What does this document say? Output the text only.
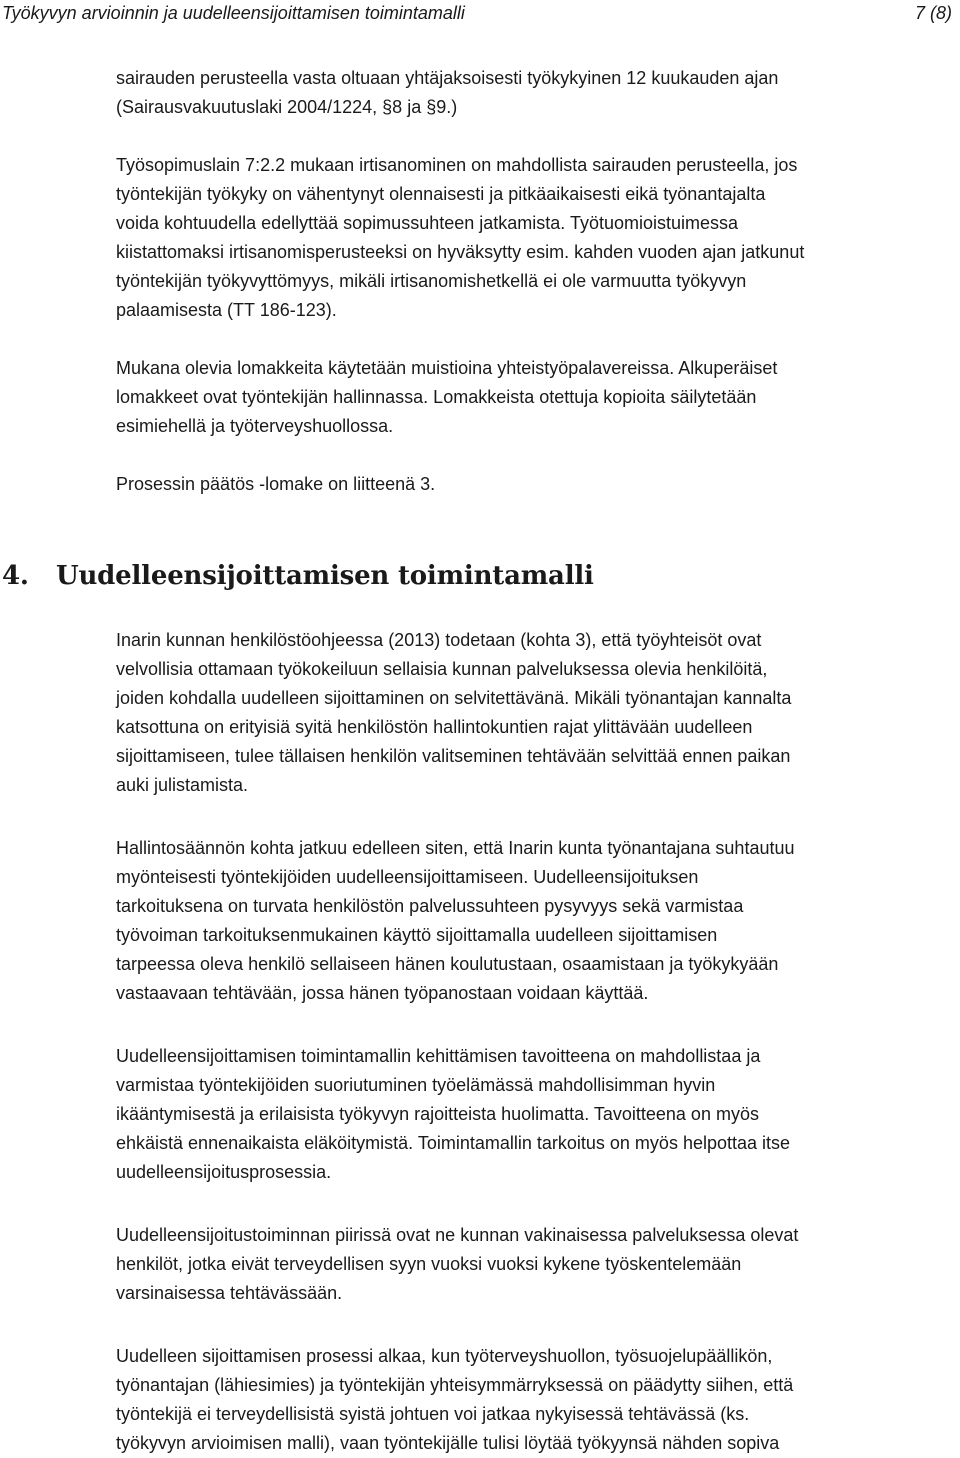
Työkyvyn arvioinnin ja uudelleensijoittamisen toimintamalli	7 (8)

sairauden perusteella vasta oltuaan yhtäjaksoisesti työkykyinen 12 kuukauden ajan
(Sairausvakuutuslaki 2004/1224, §8 ja §9.)

Työsopimuslain 7:2.2 mukaan irtisanominen on mahdollista sairauden perusteella, jos
työntekijän työkyky on vähentynyt olennaisesti ja pitkäaikaisesti eikä työnantajalta
voida kohtuudella edellyttää sopimussuhteen jatkamista. Työtuomioistuimessa
kiistattomaksi irtisanomisperusteeksi on hyväksytty esim. kahden vuoden ajan jatkunut
työntekijän työkyvyttömyys, mikäli irtisanomishetkellä ei ole varmuutta työkyvyn
palaamisesta (TT 186-123).

Mukana olevia lomakkeita käytetään muistioina yhteistyöpalavereissa. Alkuperäiset
lomakkeet ovat työntekijän hallinnassa. Lomakkeista otettuja kopioita säilytetään
esimiehellä ja työterveyshuollossa.

Prosessin päätös -lomake on liitteenä 3.

4. Uudelleensijoittamisen toimintamalli

Inarin kunnan henkilöstöohjeessa (2013) todetaan (kohta 3), että työyhteisöt ovat
velvollisia ottamaan työkokeiluun sellaisia kunnan palveluksessa olevia henkilöitä,
joiden kohdalla uudelleen sijoittaminen on selvitettävänä. Mikäli työnantajan kannalta
katsottuna on erityisiä syitä henkilöstön hallintokuntien rajat ylittävään uudelleen
sijoittamiseen, tulee tällaisen henkilön valitseminen tehtävään selvittää ennen paikan
auki julistamista.

Hallintosäännön kohta jatkuu edelleen siten, että Inarin kunta työnantajana suhtautuu
myönteisesti työntekijöiden uudelleensijoittamiseen. Uudelleensijoituksen
tarkoituksena on turvata henkilöstön palvelussuhteen pysyvyys sekä varmistaa
työvoiman tarkoituksenmukainen käyttö sijoittamalla uudelleen sijoittamisen
tarpeessa oleva henkilö sellaiseen hänen koulutustaan, osaamistaan ja työkykyään
vastaavaan tehtävään, jossa hänen työpanostaan voidaan käyttää.

Uudelleensijoittamisen toimintamallin kehittämisen tavoitteena on mahdollistaa ja
varmistaa työntekijöiden suoriutuminen työelämässä mahdollisimman hyvin
ikääntymisestä ja erilaisista työkyvyn rajoitteista huolimatta. Tavoitteena on myös
ehkäistä ennenaikaista eläköitymistä. Toimintamallin tarkoitus on myös helpottaa itse
uudelleensijoitusprosessia.

Uudelleensijoitustoiminnan piirissä ovat ne kunnan vakinaisessa palveluksessa olevat
henkilöt, jotka eivät terveydellisen syyn vuoksi vuoksi kykene työskentelemään
varsinaisessa tehtävässään.

Uudelleen sijoittamisen prosessi alkaa, kun työterveyshuollon, työsuojelupäällikön,
työnantajan (lähiesimies) ja työntekijän yhteisymmärryksessä on päädytty siihen, että
työntekijä ei terveydellisistä syistä johtuen voi jatkaa nykyisessä tehtävässä (ks.
työkyvyn arvioimisen malli), vaan työntekijälle tulisi löytää työkyynsä nähden sopiva
